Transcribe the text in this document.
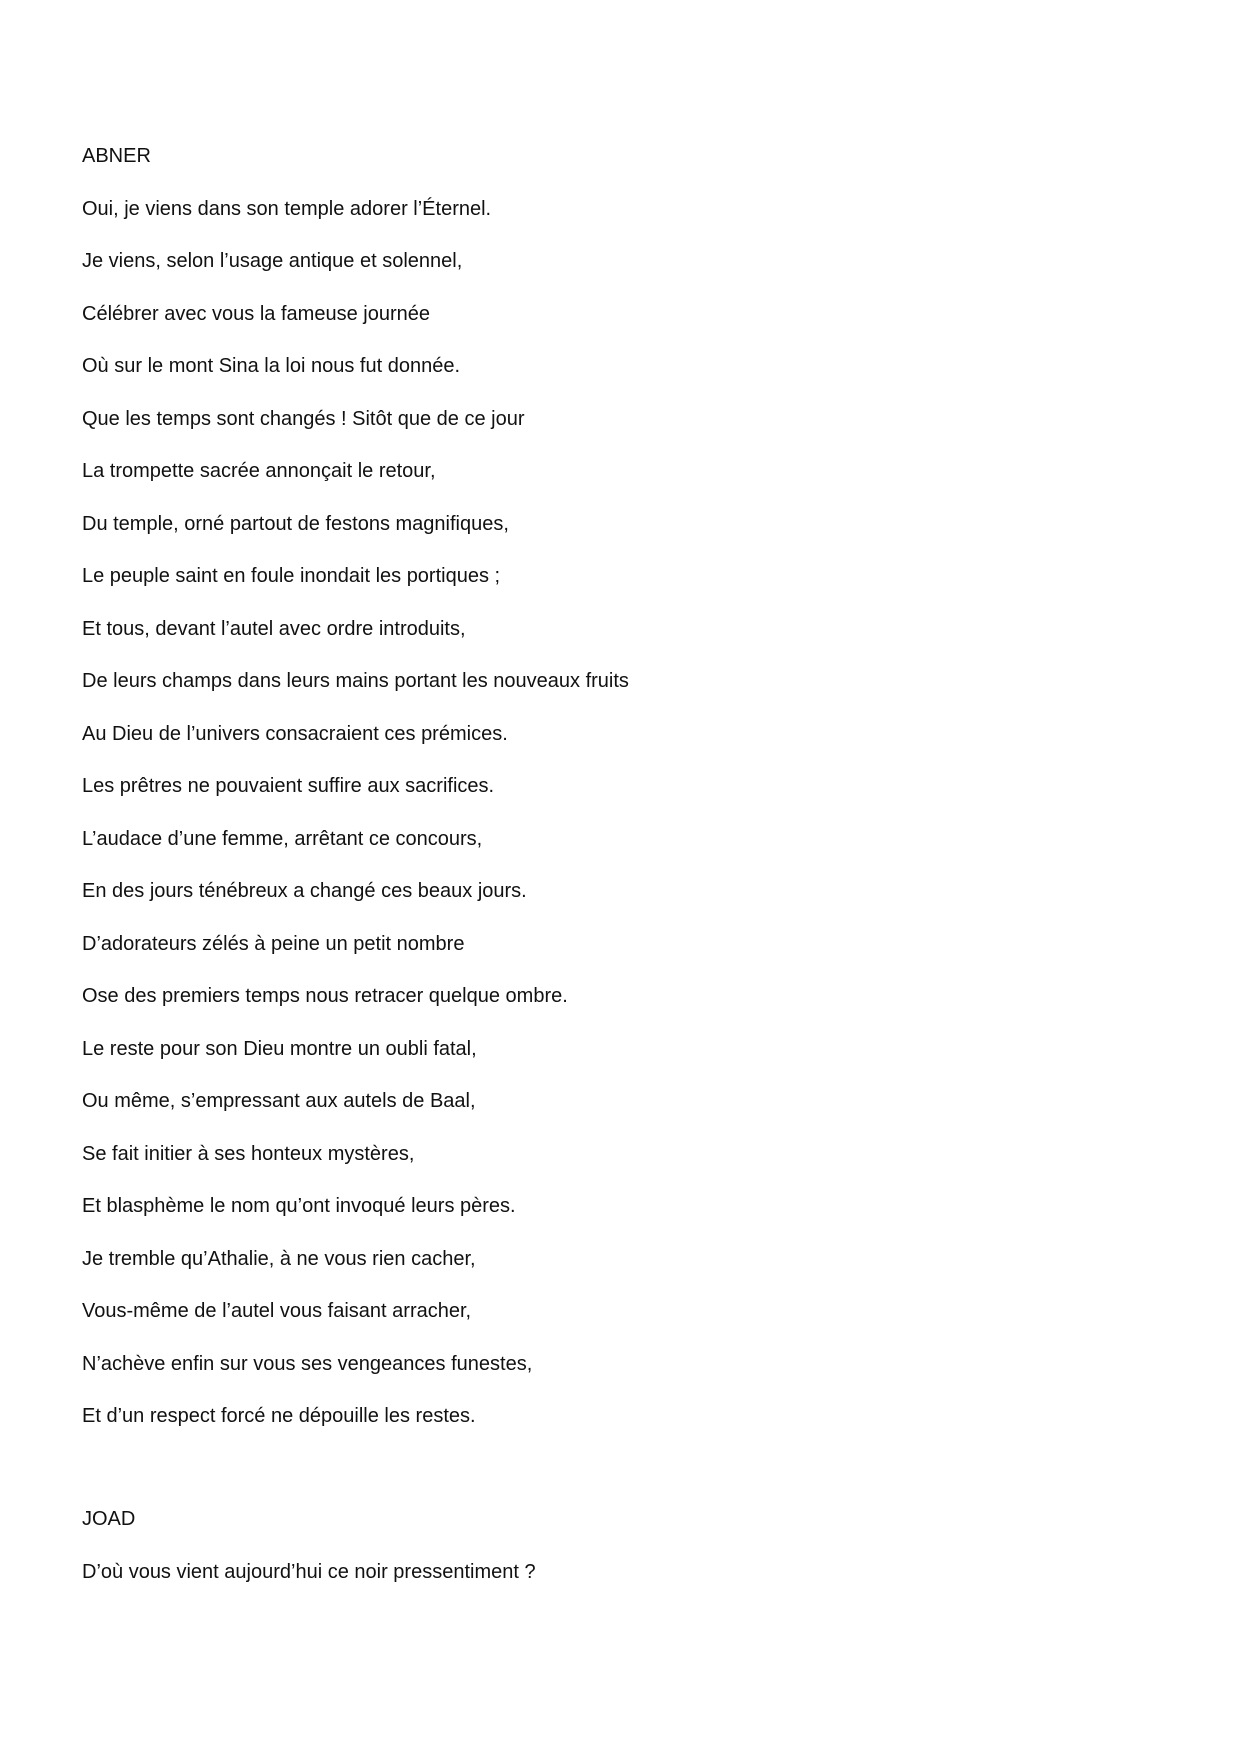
ABNER

Oui, je viens dans son temple adorer l’Éternel.

Je viens, selon l’usage antique et solennel,

Célébrer avec vous la fameuse journée

Où sur le mont Sina la loi nous fut donnée.

Que les temps sont changés ! Sitôt que de ce jour

La trompette sacrée annonçait le retour,

Du temple, orné partout de festons magnifiques,

Le peuple saint en foule inondait les portiques ;

Et tous, devant l’autel avec ordre introduits,

De leurs champs dans leurs mains portant les nouveaux fruits

Au Dieu de l’univers consacraient ces prémices.

Les prêtres ne pouvaient suffire aux sacrifices.

L’audace d’une femme, arrêtant ce concours,

En des jours ténébreux a changé ces beaux jours.

D’adorateurs zélés à peine un petit nombre

Ose des premiers temps nous retracer quelque ombre.

Le reste pour son Dieu montre un oubli fatal,

Ou même, s’empressant aux autels de Baal,

Se fait initier à ses honteux mystères,

Et blasphème le nom qu’ont invoqué leurs pères.

Je tremble qu’Athalie, à ne vous rien cacher,

Vous-même de l’autel vous faisant arracher,

N’achève enfin sur vous ses vengeances funestes,

Et d’un respect forcé ne dépouille les restes.

JOAD

D’où vous vient aujourd’hui ce noir pressentiment ?
